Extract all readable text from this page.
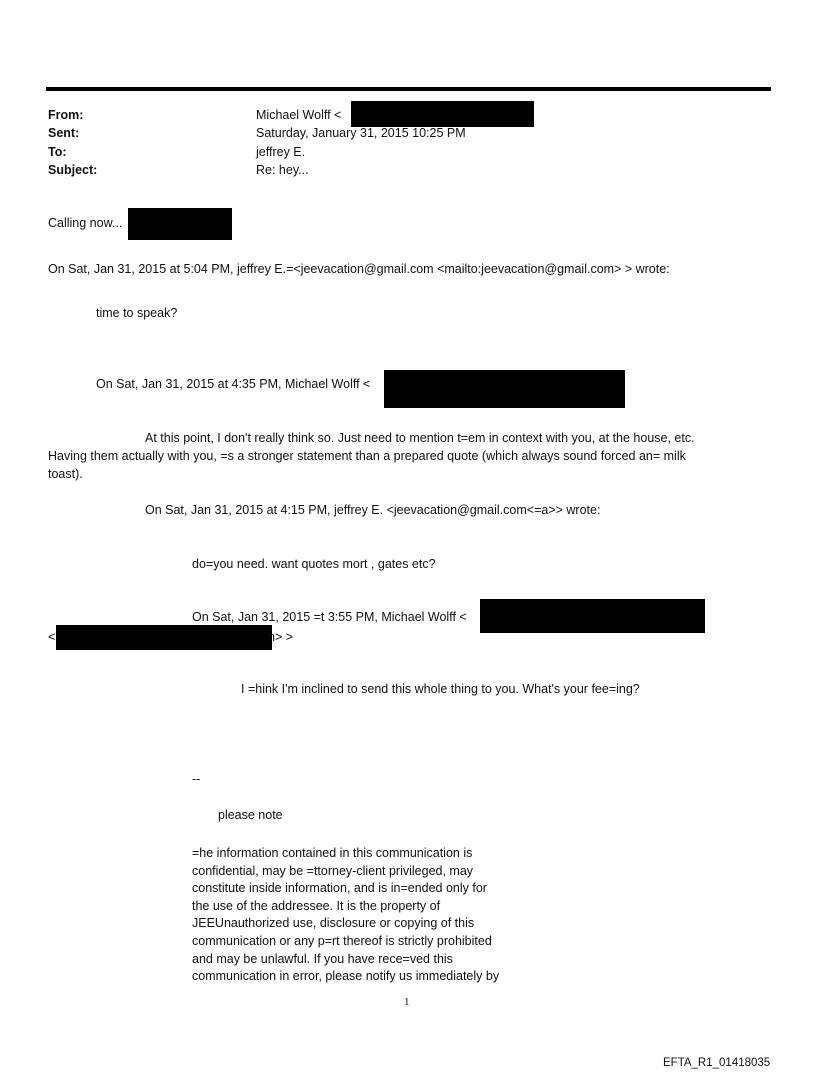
From:
Sent:
To:
Subject:
Michael Wolff <
Saturday, January 31, 2015 10:25 PM
jeffrey E.
Re: hey...
Calling now...
On Sat, Jan 31, 2015 at 5:04 PM, jeffrey E.=<jeevacation@gmail.com <mailto:jeevacation@gmail.com> > wrote:
time to speak?
On Sat, Jan 31, 2015 at 4:35 PM, Michael Wolff <
At this point, I don't really think so. Just need to mention t=em in context with you, at the house, etc.
Having them actually with you, =s a stronger statement than a prepared quote (which always sound forced an= milk
toast).
On Sat, Jan 31, 2015 at 4:15 PM, jeffrey E. <jeevacation@gmail.com<=a>> wrote:
do=you need. want quotes mort , gates etc?
On Sat, Jan 31, 2015 =t 3:55 PM, Michael Wolff <
<	n> >
I =hink I'm inclined to send this whole thing to you. What's your fee=ing?
--
please note
=he information contained in this communication is
confidential, may be =ttorney-client privileged, may
constitute inside information, and is in=ended only for
the use of the addressee. It is the property of
JEEUnauthorized use, disclosure or copying of this
communication or any p=rt thereof is strictly prohibited
and may be unlawful. If you have rece=ved this
communication in error, please notify us immediately by
1
EFTA_R1_01418035
